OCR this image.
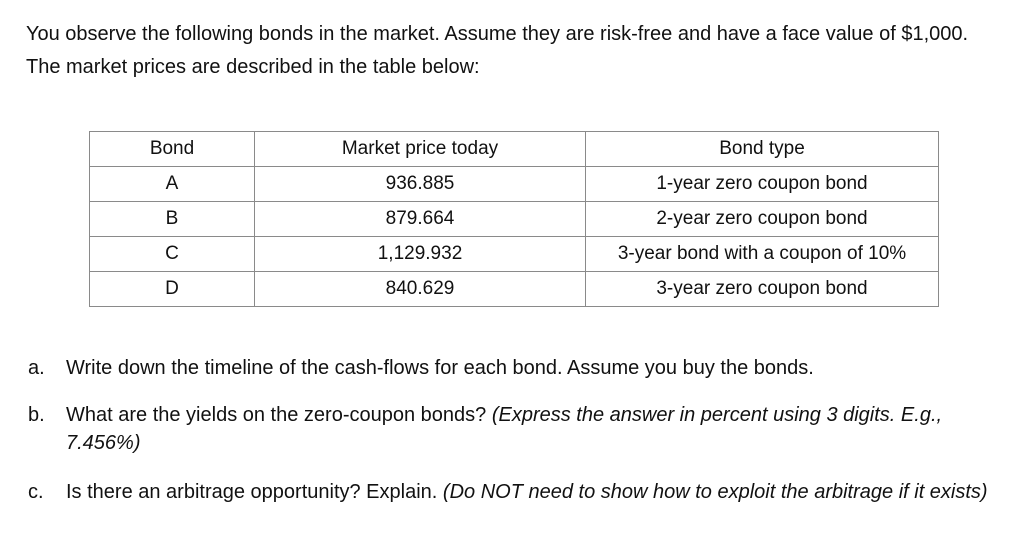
You observe the following bonds in the market. Assume they are risk-free and have a face value of $1,000. The market prices are described in the table below:
Bond	Market price today	Bond type
A	936.885	1-year zero coupon bond
B	879.664	2-year zero coupon bond
C	1,129.932	3-year bond with a coupon of 10%
D	840.629	3-year zero coupon bond
a. Write down the timeline of the cash-flows for each bond. Assume you buy the bonds.
b. What are the yields on the zero-coupon bonds? (Express the answer in percent using 3 digits. E.g., 7.456%)
c. Is there an arbitrage opportunity? Explain. (Do NOT need to show how to exploit the arbitrage if it exists)
